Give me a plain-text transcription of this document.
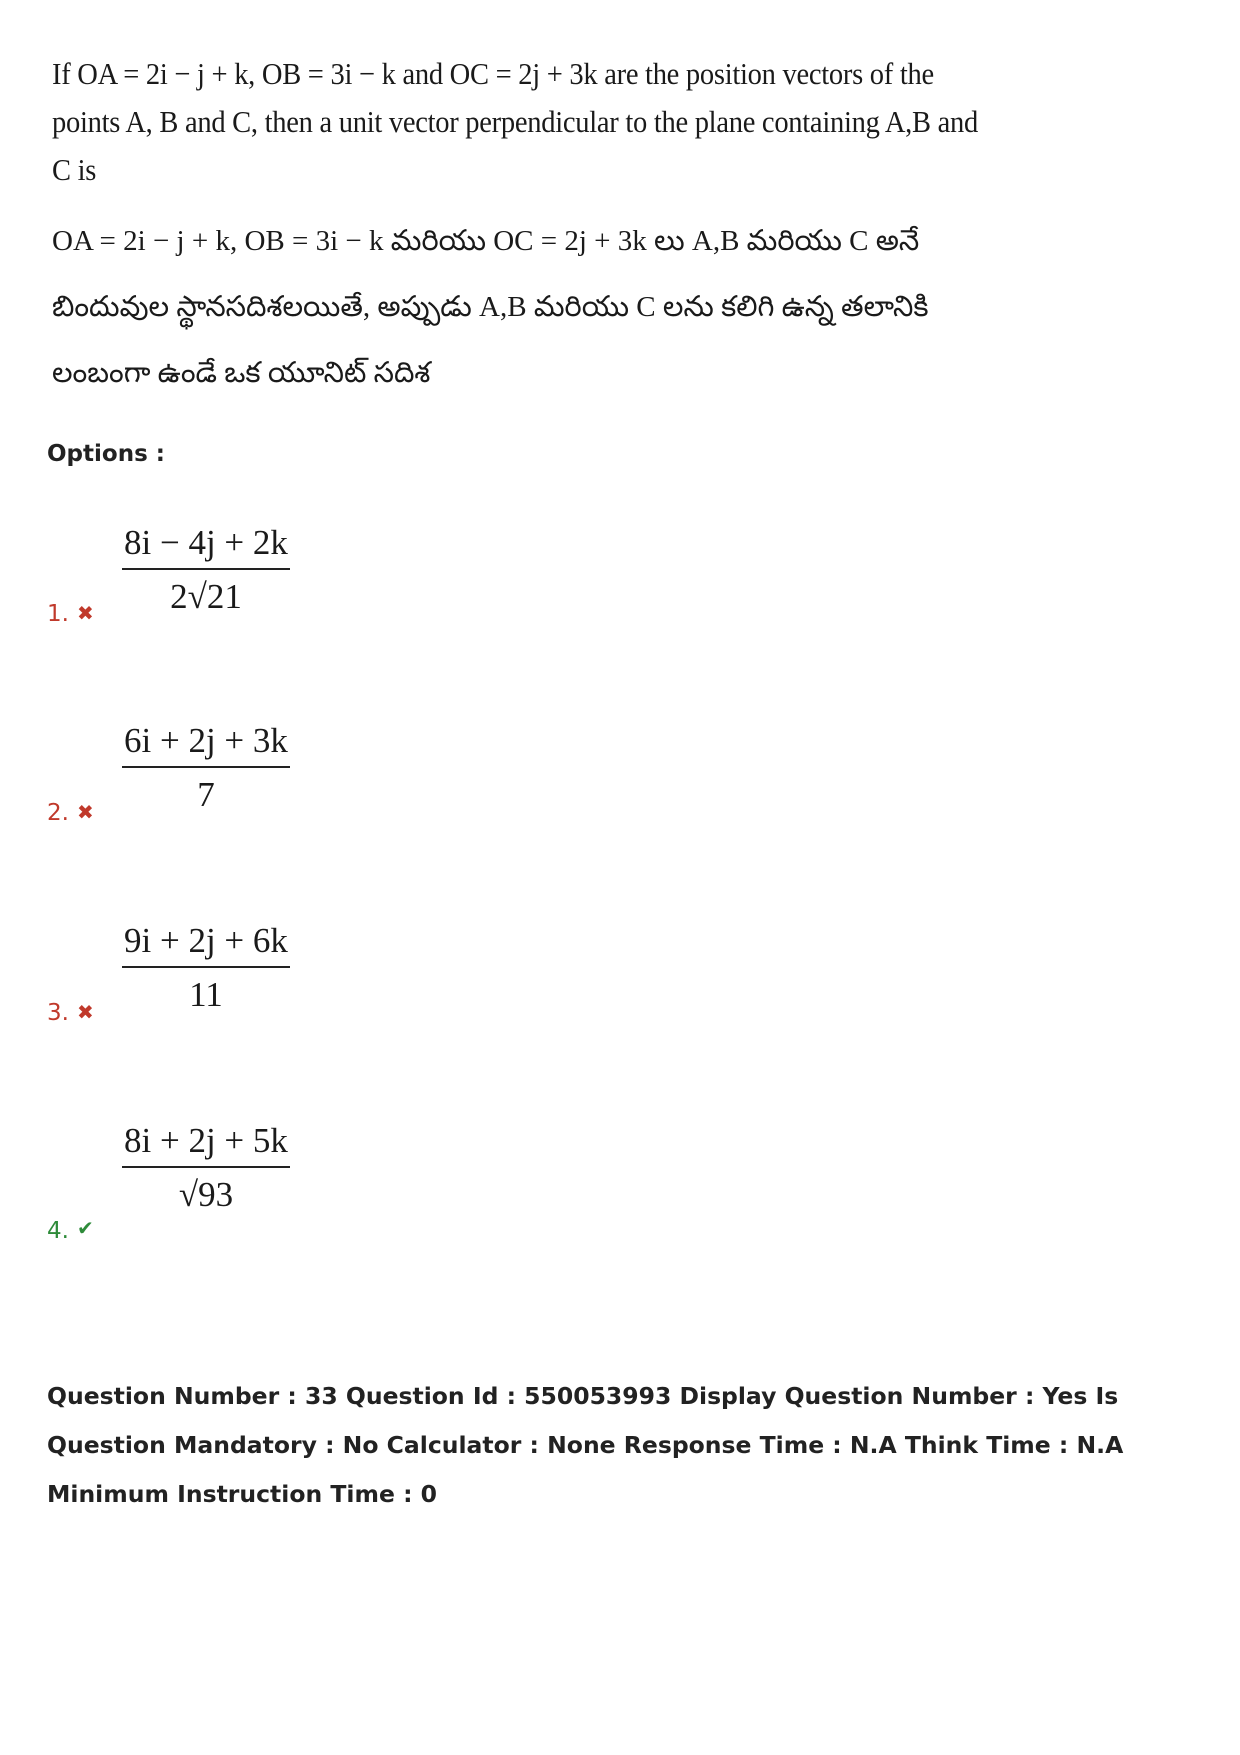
If OA = 2i − j + k, OB = 3i − k and OC = 2j + 3k are the position vectors of the
points A, B and C, then a unit vector perpendicular to the plane containing A,B and
C is
OA = 2i − j + k, OB = 3i − k మరియు OC = 2j + 3k లు A,B మరియు C అనే
బిందువుల స్థానసదిశలయితే, అప్పుడు A,B మరియు C లను కలిగి ఉన్న తలానికి
లంబంగా ఉండే ఒక యూనిట్ సదిశ
Options :
$\frac{8i - 4j + 2k}{2√21}$
1. ✖
$\frac{6i + 2j + 3k}{7}$
2. ✖
$\frac{9i + 2j + 6k}{11}$
3. ✖
$\frac{8i + 2j + 5k}{√93}$
4. ✔
Question Number : 33 Question Id : 550053993 Display Question Number : Yes Is Question Mandatory : No Calculator : None Response Time : N.A Think Time : N.A Minimum Instruction Time : 0
